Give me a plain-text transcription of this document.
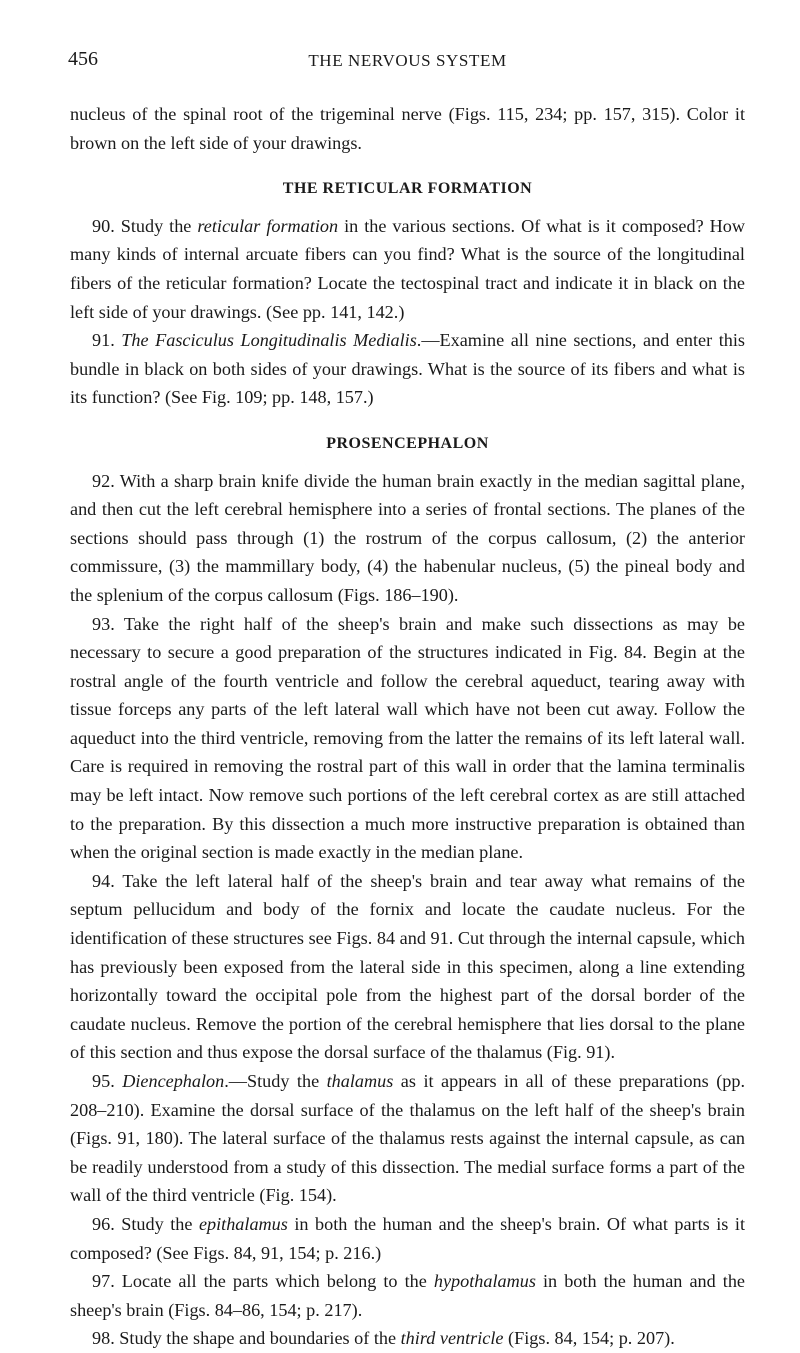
456	THE NERVOUS SYSTEM

nucleus of the spinal root of the trigeminal nerve (Figs. 115, 234; pp. 157, 315). Color it brown on the left side of your drawings.

THE RETICULAR FORMATION

90. Study the reticular formation in the various sections. Of what is it composed? How many kinds of internal arcuate fibers can you find? What is the source of the longitudinal fibers of the reticular formation? Locate the tectospinal tract and indicate it in black on the left side of your drawings. (See pp. 141, 142.)

91. The Fasciculus Longitudinalis Medialis.—Examine all nine sections, and enter this bundle in black on both sides of your drawings. What is the source of its fibers and what is its function? (See Fig. 109; pp. 148, 157.)

PROSENCEPHALON

92. With a sharp brain knife divide the human brain exactly in the median sagittal plane, and then cut the left cerebral hemisphere into a series of frontal sections. The planes of the sections should pass through (1) the rostrum of the corpus callosum, (2) the anterior commissure, (3) the mammillary body, (4) the habenular nucleus, (5) the pineal body and the splenium of the corpus callosum (Figs. 186–190).

93. Take the right half of the sheep's brain and make such dissections as may be necessary to secure a good preparation of the structures indicated in Fig. 84. Begin at the rostral angle of the fourth ventricle and follow the cerebral aqueduct, tearing away with tissue forceps any parts of the left lateral wall which have not been cut away. Follow the aqueduct into the third ventricle, removing from the latter the remains of its left lateral wall. Care is required in removing the rostral part of this wall in order that the lamina terminalis may be left intact. Now remove such portions of the left cerebral cortex as are still attached to the preparation. By this dissection a much more instructive preparation is obtained than when the original section is made exactly in the median plane.

94. Take the left lateral half of the sheep's brain and tear away what remains of the septum pellucidum and body of the fornix and locate the caudate nucleus. For the identification of these structures see Figs. 84 and 91. Cut through the internal capsule, which has previously been exposed from the lateral side in this specimen, along a line extending horizontally toward the occipital pole from the highest part of the dorsal border of the caudate nucleus. Remove the portion of the cerebral hemisphere that lies dorsal to the plane of this section and thus expose the dorsal surface of the thalamus (Fig. 91).

95. Diencephalon.—Study the thalamus as it appears in all of these preparations (pp. 208–210). Examine the dorsal surface of the thalamus on the left half of the sheep's brain (Figs. 91, 180). The lateral surface of the thalamus rests against the internal capsule, as can be readily understood from a study of this dissection. The medial surface forms a part of the wall of the third ventricle (Fig. 154).

96. Study the epithalamus in both the human and the sheep's brain. Of what parts is it composed? (See Figs. 84, 91, 154; p. 216.)

97. Locate all the parts which belong to the hypothalamus in both the human and the sheep's brain (Figs. 84–86, 154; p. 217).

98. Study the shape and boundaries of the third ventricle (Figs. 84, 154; p. 207).
